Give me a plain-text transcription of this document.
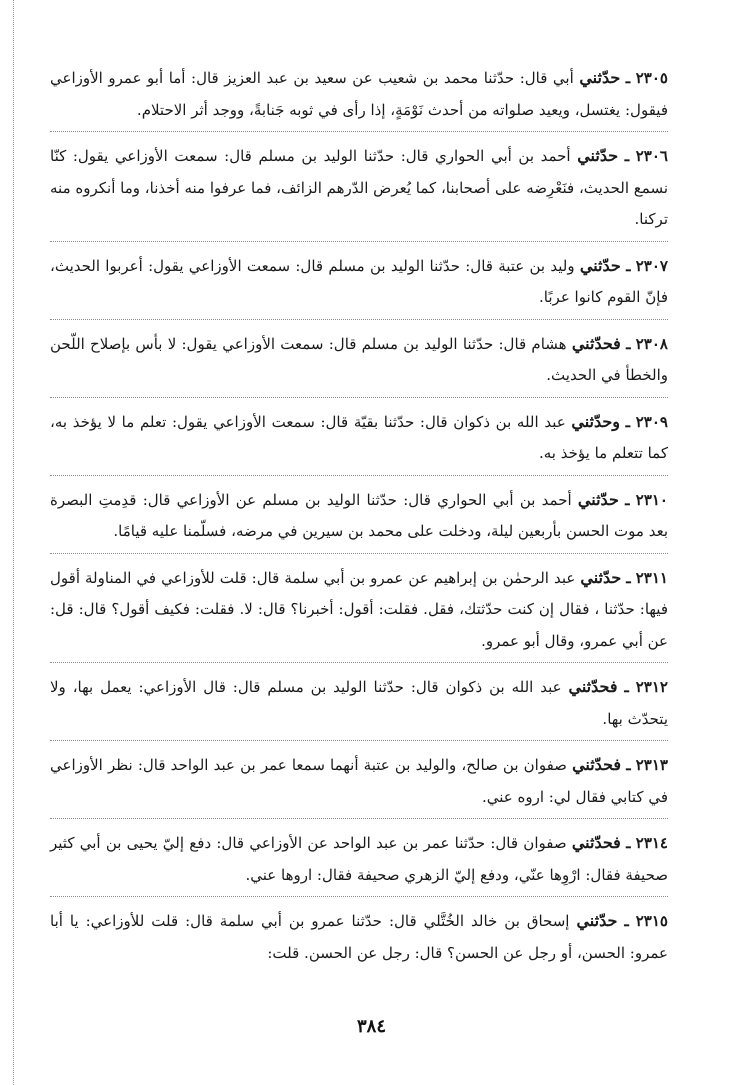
٢٣٠٥ ـ حدّثني أبي قال: حدّثنا محمد بن شعيب عن سعيد بن عبد العزيز قال: أما أبو عمرو الأوزاعي فيقول: يغتسل، ويعيد صلواته من أحدث نَوْمَةٍ، إذا رأى في ثوبه جَنابةً، ووجد أثر الاحتلام.

٢٣٠٦ ـ حدّثني أحمد بن أبي الحواري قال: حدّثنا الوليد بن مسلم قال: سمعت الأوزاعي يقول: كنّا نسمع الحديث، فنَعْرِضه على أصحابنا، كما يُعرض الدّرهم الزائف، فما عرفوا منه أخذنا، وما أنكروه منه تركنا.

٢٣٠٧ ـ حدّثني وليد بن عتبة قال: حدّثنا الوليد بن مسلم قال: سمعت الأوزاعي يقول: أعربوا الحديث، فإنّ القوم كانوا عربًا.

٢٣٠٨ ـ فحدّثني هشام قال: حدّثنا الوليد بن مسلم قال: سمعت الأوزاعي يقول: لا بأس بإصلاح اللّحن والخطأ في الحديث.

٢٣٠٩ ـ وحدّثني عبد الله بن ذكوان قال: حدّثنا بقيّة قال: سمعت الأوزاعي يقول: تعلم ما لا يؤخذ به، كما تتعلم ما يؤخذ به.

٢٣١٠ ـ حدّثني أحمد بن أبي الحواري قال: حدّثنا الوليد بن مسلم عن الأوزاعي قال: قدِمتِ البصرة بعد موت الحسن بأربعين ليلة، ودخلت على محمد بن سيرين في مرضه، فسلّمنا عليه قيامًا.

٢٣١١ ـ حدّثني عبد الرحمٰن بن إبراهيم عن عمرو بن أبي سلمة قال: قلت للأوزاعي في المناولة أقول فيها: حدّثنا ، فقال إن كنت حدّثتك، فقل. فقلت: أقول: أخبرنا؟ قال: لا. فقلت: فكيف أقول؟ قال: قل: عن أبي عمرو، وقال أبو عمرو.

٢٣١٢ ـ فحدّثني عبد الله بن ذكوان قال: حدّثنا الوليد بن مسلم قال: قال الأوزاعي: يعمل بها، ولا يتحدّث بها.

٢٣١٣ ـ فحدّثني صفوان بن صالح، والوليد بن عتبة أنهما سمعا عمر بن عبد الواحد قال: نظر الأوزاعي في كتابي فقال لي: اروه عني.

٢٣١٤ ـ فحدّثني صفوان قال: حدّثنا عمر بن عبد الواحد عن الأوزاعي قال: دفع إليّ يحيى بن أبي كثير صحيفة فقال: ارْوِها عنّي، ودفع إليّ الزهري صحيفة فقال: اروها عني.

٢٣١٥ ـ حدّثني إسحاق بن خالد الخُتَّلي قال: حدّثنا عمرو بن أبي سلمة قال: قلت للأوزاعي: يا أبا عمرو: الحسن، أو رجل عن الحسن؟ قال: رجل عن الحسن. قلت:

٣٨٤
